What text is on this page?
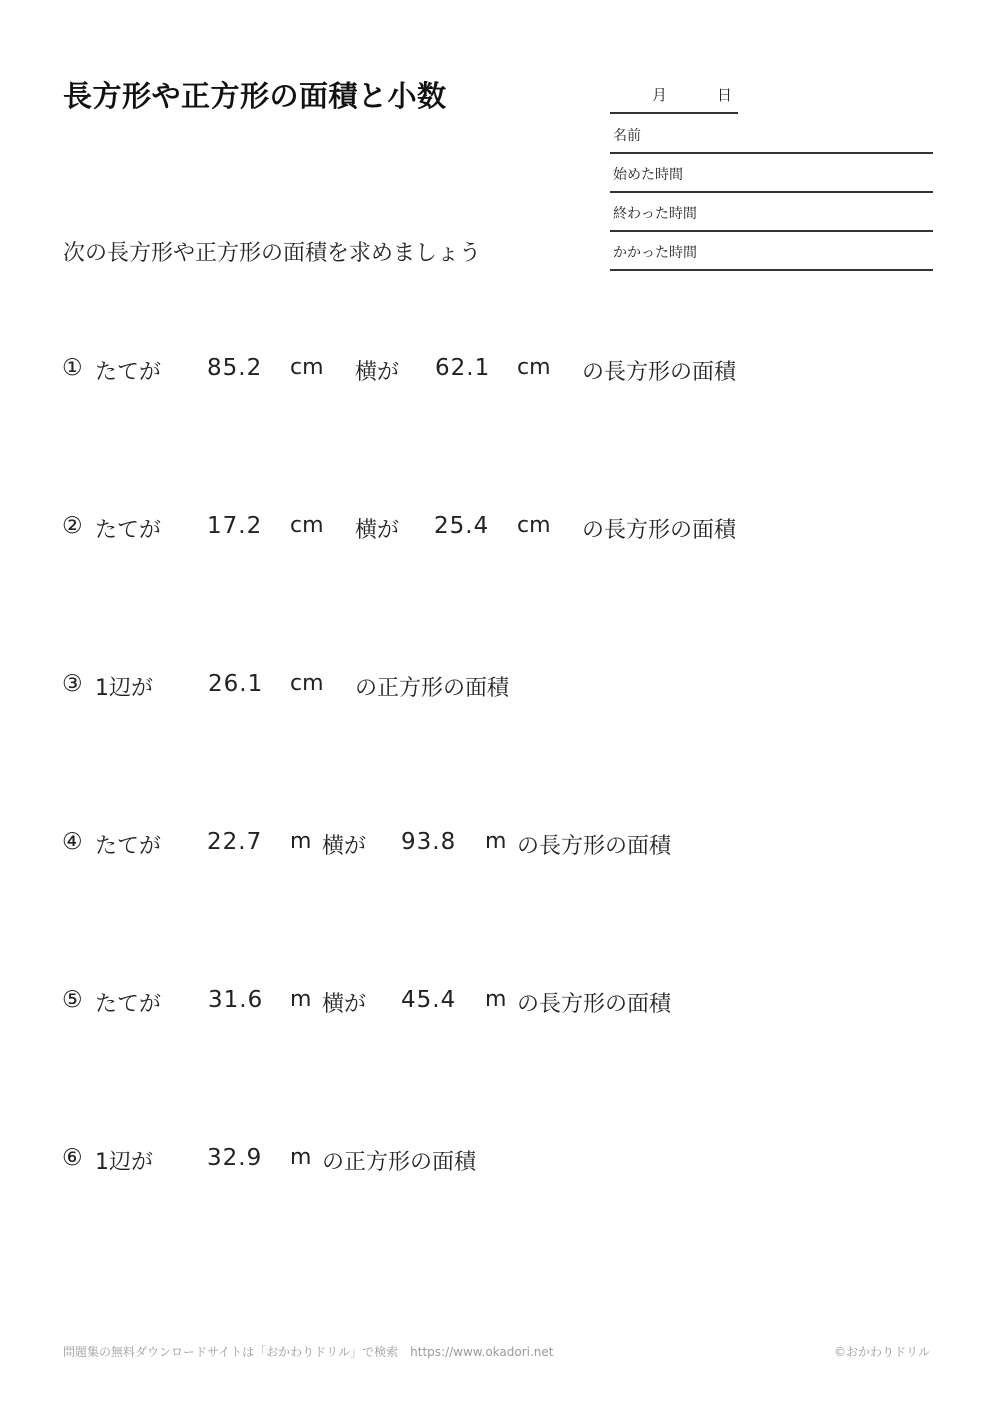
長方形や正方形の面積と小数	月	日
名前
始めた時間
終わった時間
かかった時間
次の長方形や正方形の面積を求めましょう
① たてが 85.2 cm 横が 62.1 cm の長方形の面積
② たてが 17.2 cm 横が 25.4 cm の長方形の面積
③ 1辺が 26.1 cm の正方形の面積
④ たてが 22.7 m 横が 93.8 m の長方形の面積
⑤ たてが 31.6 m 横が 45.4 m の長方形の面積
⑥ 1辺が 32.9 m の正方形の面積
問題集の無料ダウンロードサイトは「おかわりドリル」で検索　https://www.okadori.net	©おかわりドリル
